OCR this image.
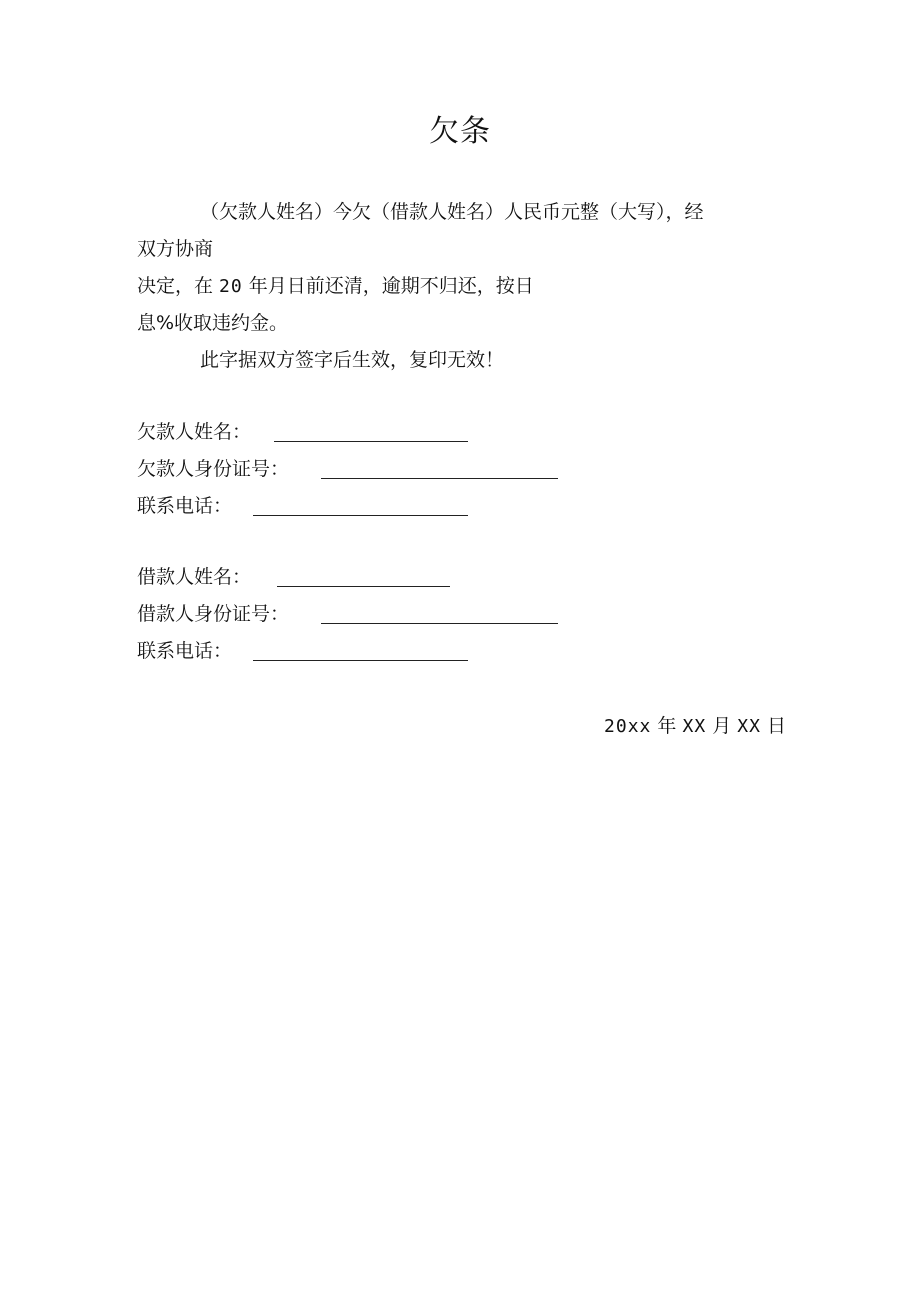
欠条
（欠款人姓名）今欠（借款人姓名）人民币元整（大写），经
双方协商
决定，在 20 年月日前还清，逾期不归还，按日
息%收取违约金。
此字据双方签字后生效，复印无效！
欠款人姓名：
欠款人身份证号：
联系电话：
借款人姓名：
借款人身份证号：
联系电话：
20xx 年 XX 月 XX 日
